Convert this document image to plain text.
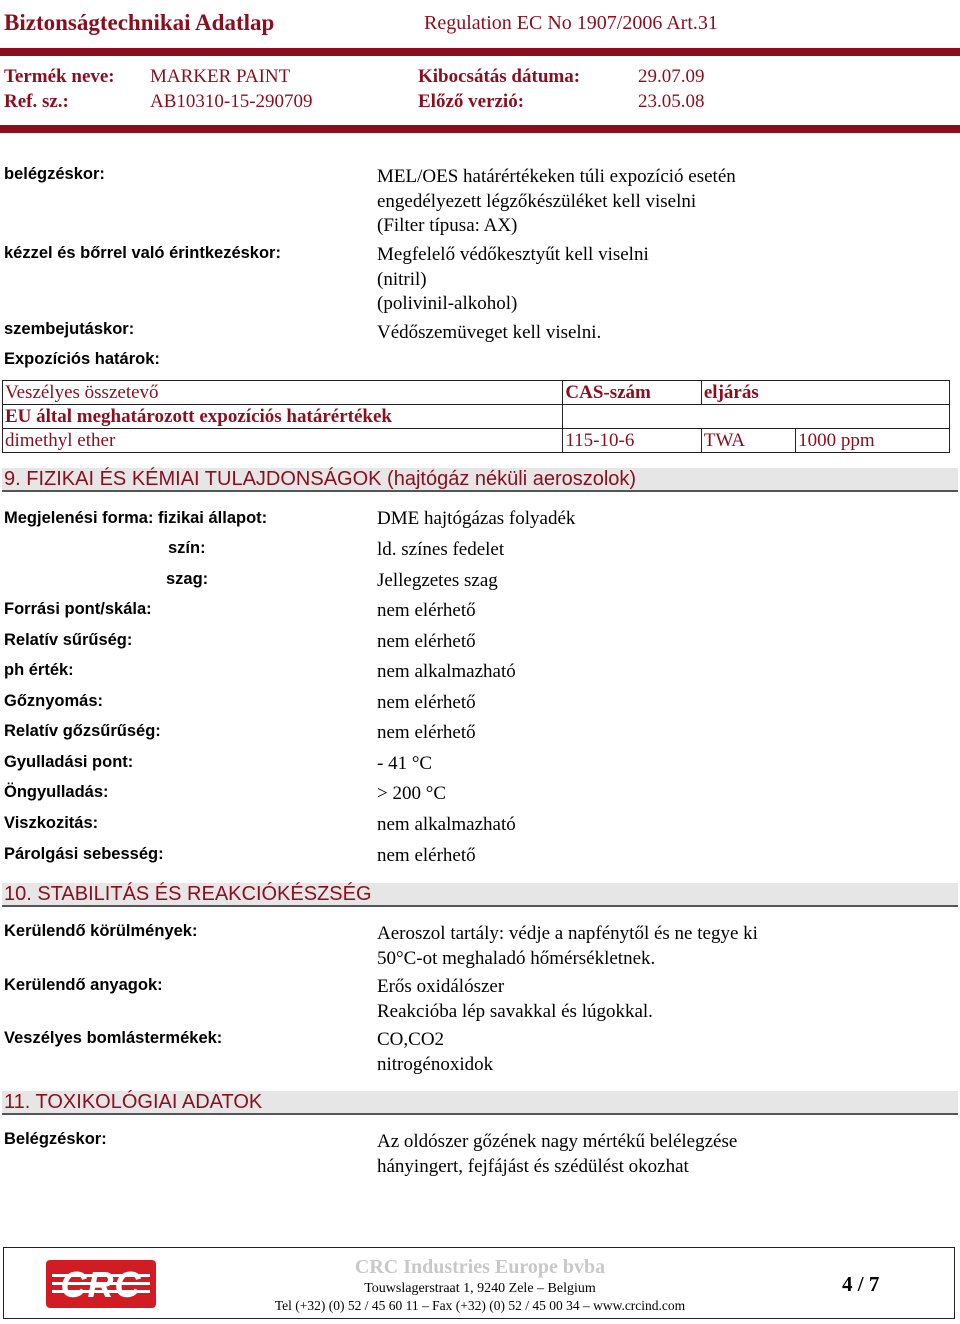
Biztonságtechnikai Adatlap	Regulation EC No 1907/2006 Art.31
Termék neve: MARKER PAINT	Kibocsátás dátuma:	29.07.09
Ref. sz.:	AB10310-15-290709	Előző verzió:	23.05.08
belégzéskor:	MEL/OES határértékeken túli expozíció esetén
engedélyezett légzőkészüléket kell viselni
(Filter típusa: AX)
kézzel és bőrrel való érintkezéskor:	Megfelelő védőkesztyűt kell viselni
(nitril)
(polivinil-alkohol)
szembejutáskor:	Védőszemüveget kell viselni.
Expozíciós határok:
Veszélyes összetevő	CAS-szám	eljárás	
EU által meghatározott expozíciós határértékek			
dimethyl ether	115-10-6	TWA	1000 ppm
9. FIZIKAI ÉS KÉMIAI TULAJDONSÁGOK (hajtógáz néküli aeroszolok)
Megjelenési forma: fizikai állapot:	DME hajtógázas folyadék
szín:	ld. színes fedelet
szag:	Jellegzetes szag
Forrási pont/skála:	nem elérhető
Relatív sűrűség:	nem elérhető
ph érték:	nem alkalmazható
Gőznyomás:	nem elérhető
Relatív gőzsűrűség:	nem elérhető
Gyulladási pont:	- 41 °C
Öngyulladás:	> 200 °C
Viszkozitás:	nem alkalmazható
Párolgási sebesség:	nem elérhető
10. STABILITÁS ÉS REAKCIÓKÉSZSÉG
Kerülendő körülmények:	Aeroszol tartály: védje a napfénytől és ne tegye ki
50°C-ot meghaladó hőmérsékletnek.
Kerülendő anyagok:	Erős oxidálószer
Reakcióba lép savakkal és lúgokkal.
Veszélyes bomlástermékek:	CO,CO2
nitrogénoxidok
11. TOXIKOLÓGIAI ADATOK
Belégzéskor:	Az oldószer gőzének nagy mértékű belélegzése
hányingert, fejfájást és szédülést okozhat
CRC	CRC Industries Europe bvba
Touwslagerstraat 1, 9240 Zele – Belgium
Tel (+32) (0) 52 / 45 60 11 – Fax (+32) (0) 52 / 45 00 34 – www.crcind.com
4 / 7
